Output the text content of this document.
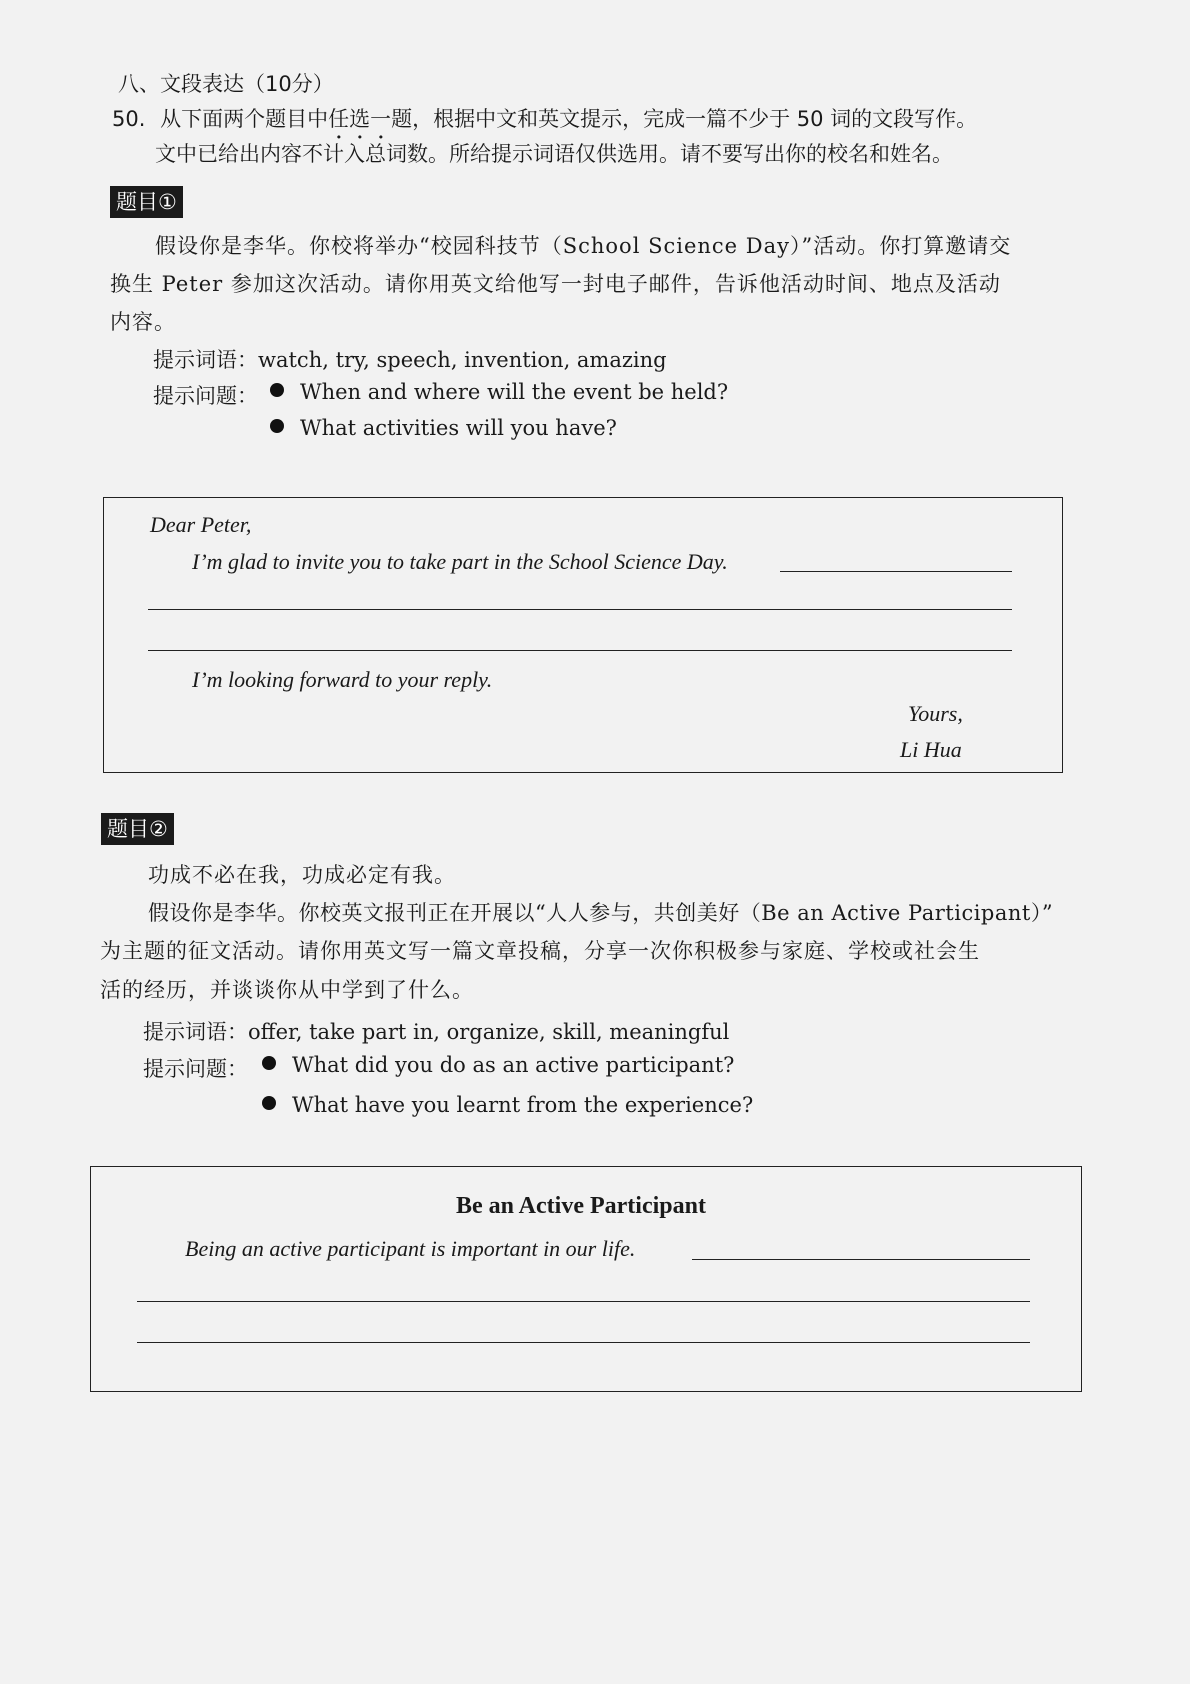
八、文段表达（10分）
50. 从下面两个题目中任选一题，根据中文和英文提示，完成一篇不少于 50 词的文段写作。
文中已给出内容不计入总词数。所给提示词语仅供选用。请不要写出你的校名和姓名。
题目①
假设你是李华。你校将举办“校园科技节（School Science Day）”活动。你打算邀请交
换生 Peter 参加这次活动。请你用英文给他写一封电子邮件，告诉他活动时间、地点及活动
内容。
提示词语：watch, try, speech, invention, amazing
提示问题：	When and where will the event be held?
What activities will you have?
Dear Peter,
I’m glad to invite you to take part in the School Science Day.
I’m looking forward to your reply.
Yours,
Li Hua
题目②
功成不必在我，功成必定有我。
假设你是李华。你校英文报刊正在开展以“人人参与，共创美好（Be an Active Participant）”
为主题的征文活动。请你用英文写一篇文章投稿，分享一次你积极参与家庭、学校或社会生
活的经历，并谈谈你从中学到了什么。
提示词语：offer, take part in, organize, skill, meaningful
提示问题：	What did you do as an active participant?
What have you learnt from the experience?
Be an Active Participant
Being an active participant is important in our life.
